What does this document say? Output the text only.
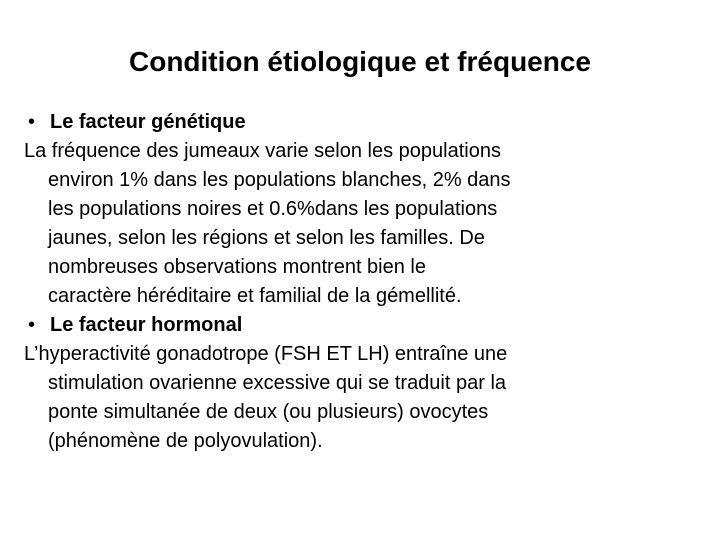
Condition étiologique et fréquence
• Le facteur génétique
La fréquence des jumeaux varie selon les populations
environ 1% dans les populations blanches, 2% dans
les populations noires et 0.6%dans les populations
jaunes, selon les régions et selon les familles. De
nombreuses observations montrent bien le
caractère héréditaire et familial de la gémellité.
• Le facteur hormonal
L’hyperactivité gonadotrope (FSH ET LH) entraîne une
stimulation ovarienne excessive qui se traduit par la
ponte simultanée de deux (ou plusieurs) ovocytes
(phénomène de polyovulation).
